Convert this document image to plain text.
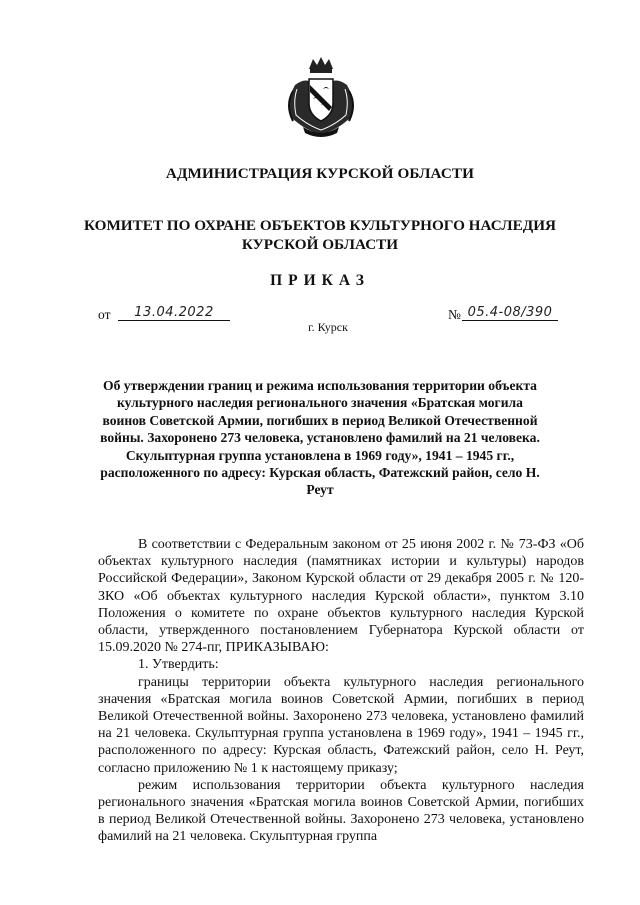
АДМИНИСТРАЦИЯ КУРСКОЙ ОБЛАСТИ
КОМИТЕТ ПО ОХРАНЕ ОБЪЕКТОВ КУЛЬТУРНОГО НАСЛЕДИЯ
КУРСКОЙ ОБЛАСТИ
ПРИКАЗ
от	13.04.2022	№ 05.4-08/390
г. Курск
Об утверждении границ и режима использования территории объекта культурного наследия регионального значения «Братская могила воинов Советской Армии, погибших в период Великой Отечественной войны. Захоронено 273 человека, установлено фамилий на 21 человека. Скульптурная группа установлена в 1969 году», 1941 – 1945 гг., расположенного по адресу: Курская область, Фатежский район, село Н. Реут

В соответствии с Федеральным законом от 25 июня 2002 г. № 73-ФЗ «Об объектах культурного наследия (памятниках истории и культуры) народов Российской Федерации», Законом Курской области от 29 декабря 2005 г. № 120-ЗКО «Об объектах культурного наследия Курской области», пунктом 3.10 Положения о комитете по охране объектов культурного наследия Курской области, утвержденного постановлением Губернатора Курской области от 15.09.2020 № 274-пг, ПРИКАЗЫВАЮ:

1. Утвердить:

границы территории объекта культурного наследия регионального значения «Братская могила воинов Советской Армии, погибших в период Великой Отечественной войны. Захоронено 273 человека, установлено фамилий на 21 человека. Скульптурная группа установлена в 1969 году», 1941 – 1945 гг., расположенного по адресу: Курская область, Фатежский район, село Н. Реут, согласно приложению № 1 к настоящему приказу;

режим использования территории объекта культурного наследия регионального значения «Братская могила воинов Советской Армии, погибших в период Великой Отечественной войны. Захоронено 273 человека, установлено фамилий на 21 человека. Скульптурная группа
